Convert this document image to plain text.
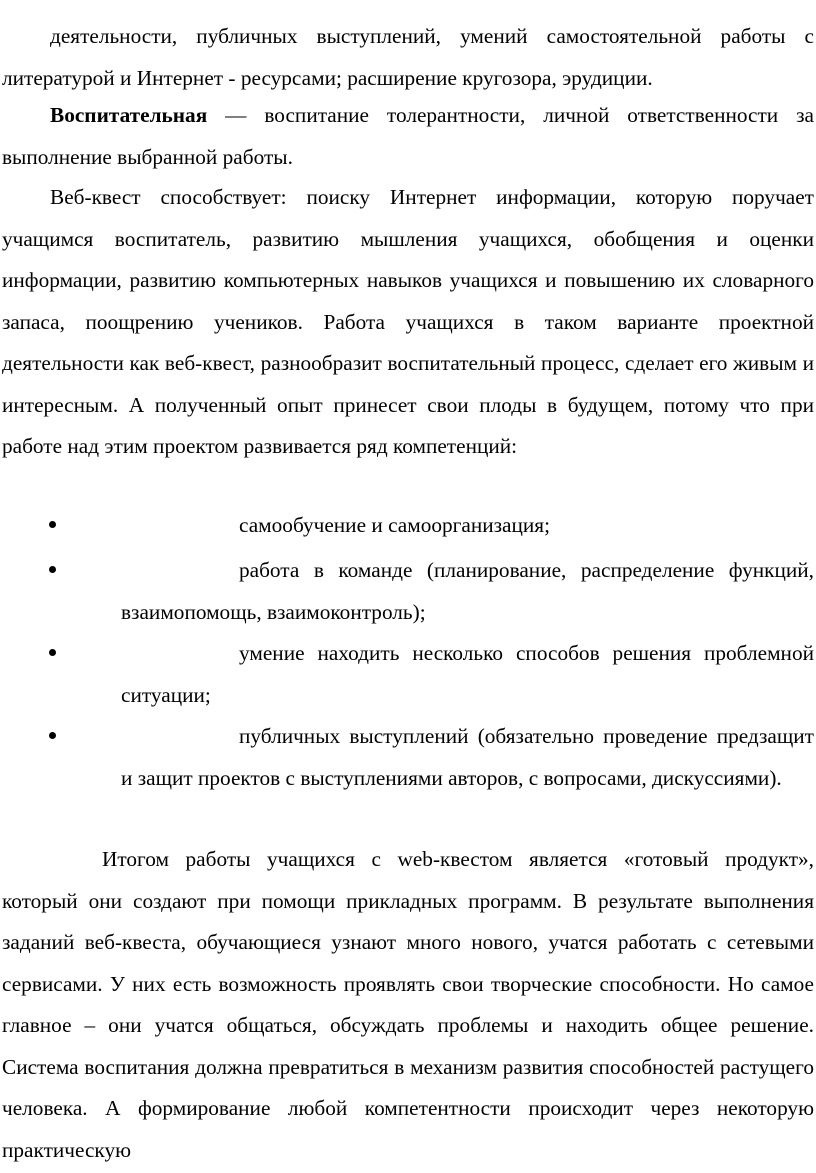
деятельности, публичных выступлений, умений самостоятельной работы с литературой и Интернет - ресурсами; расширение кругозора, эрудиции.

Воспитательная — воспитание толерантности, личной ответственности за выполнение выбранной работы.

Веб-квест способствует: поиску Интернет информации, которую поручает учащимся воспитатель, развитию мышления учащихся, обобщения и оценки информации, развитию компьютерных навыков учащихся и повышению их словарного запаса, поощрению учеников. Работа учащихся в таком варианте проектной деятельности как веб-квест, разнообразит воспитательный процесс, сделает его живым и интересным. А полученный опыт принесет свои плоды в будущем, потому что при работе над этим проектом развивается ряд компетенций:

самообучение и самоорганизация;

работа в команде (планирование, распределение функций, взаимопомощь, взаимоконтроль);

умение находить несколько способов решения проблемной ситуации;

публичных выступлений (обязательно проведение предзащит и защит проектов с выступлениями авторов, с вопросами, дискуссиями).

Итогом работы учащихся с web-квестом является «готовый продукт», который они создают при помощи прикладных программ. В результате выполнения заданий веб-квеста, обучающиеся узнают много нового, учатся работать с сетевыми сервисами. У них есть возможность проявлять свои творческие способности. Но самое главное – они учатся общаться, обсуждать проблемы и находить общее решение. Система воспитания должна превратиться в механизм развития способностей растущего человека. А формирование любой компетентности происходит через некоторую практическую
